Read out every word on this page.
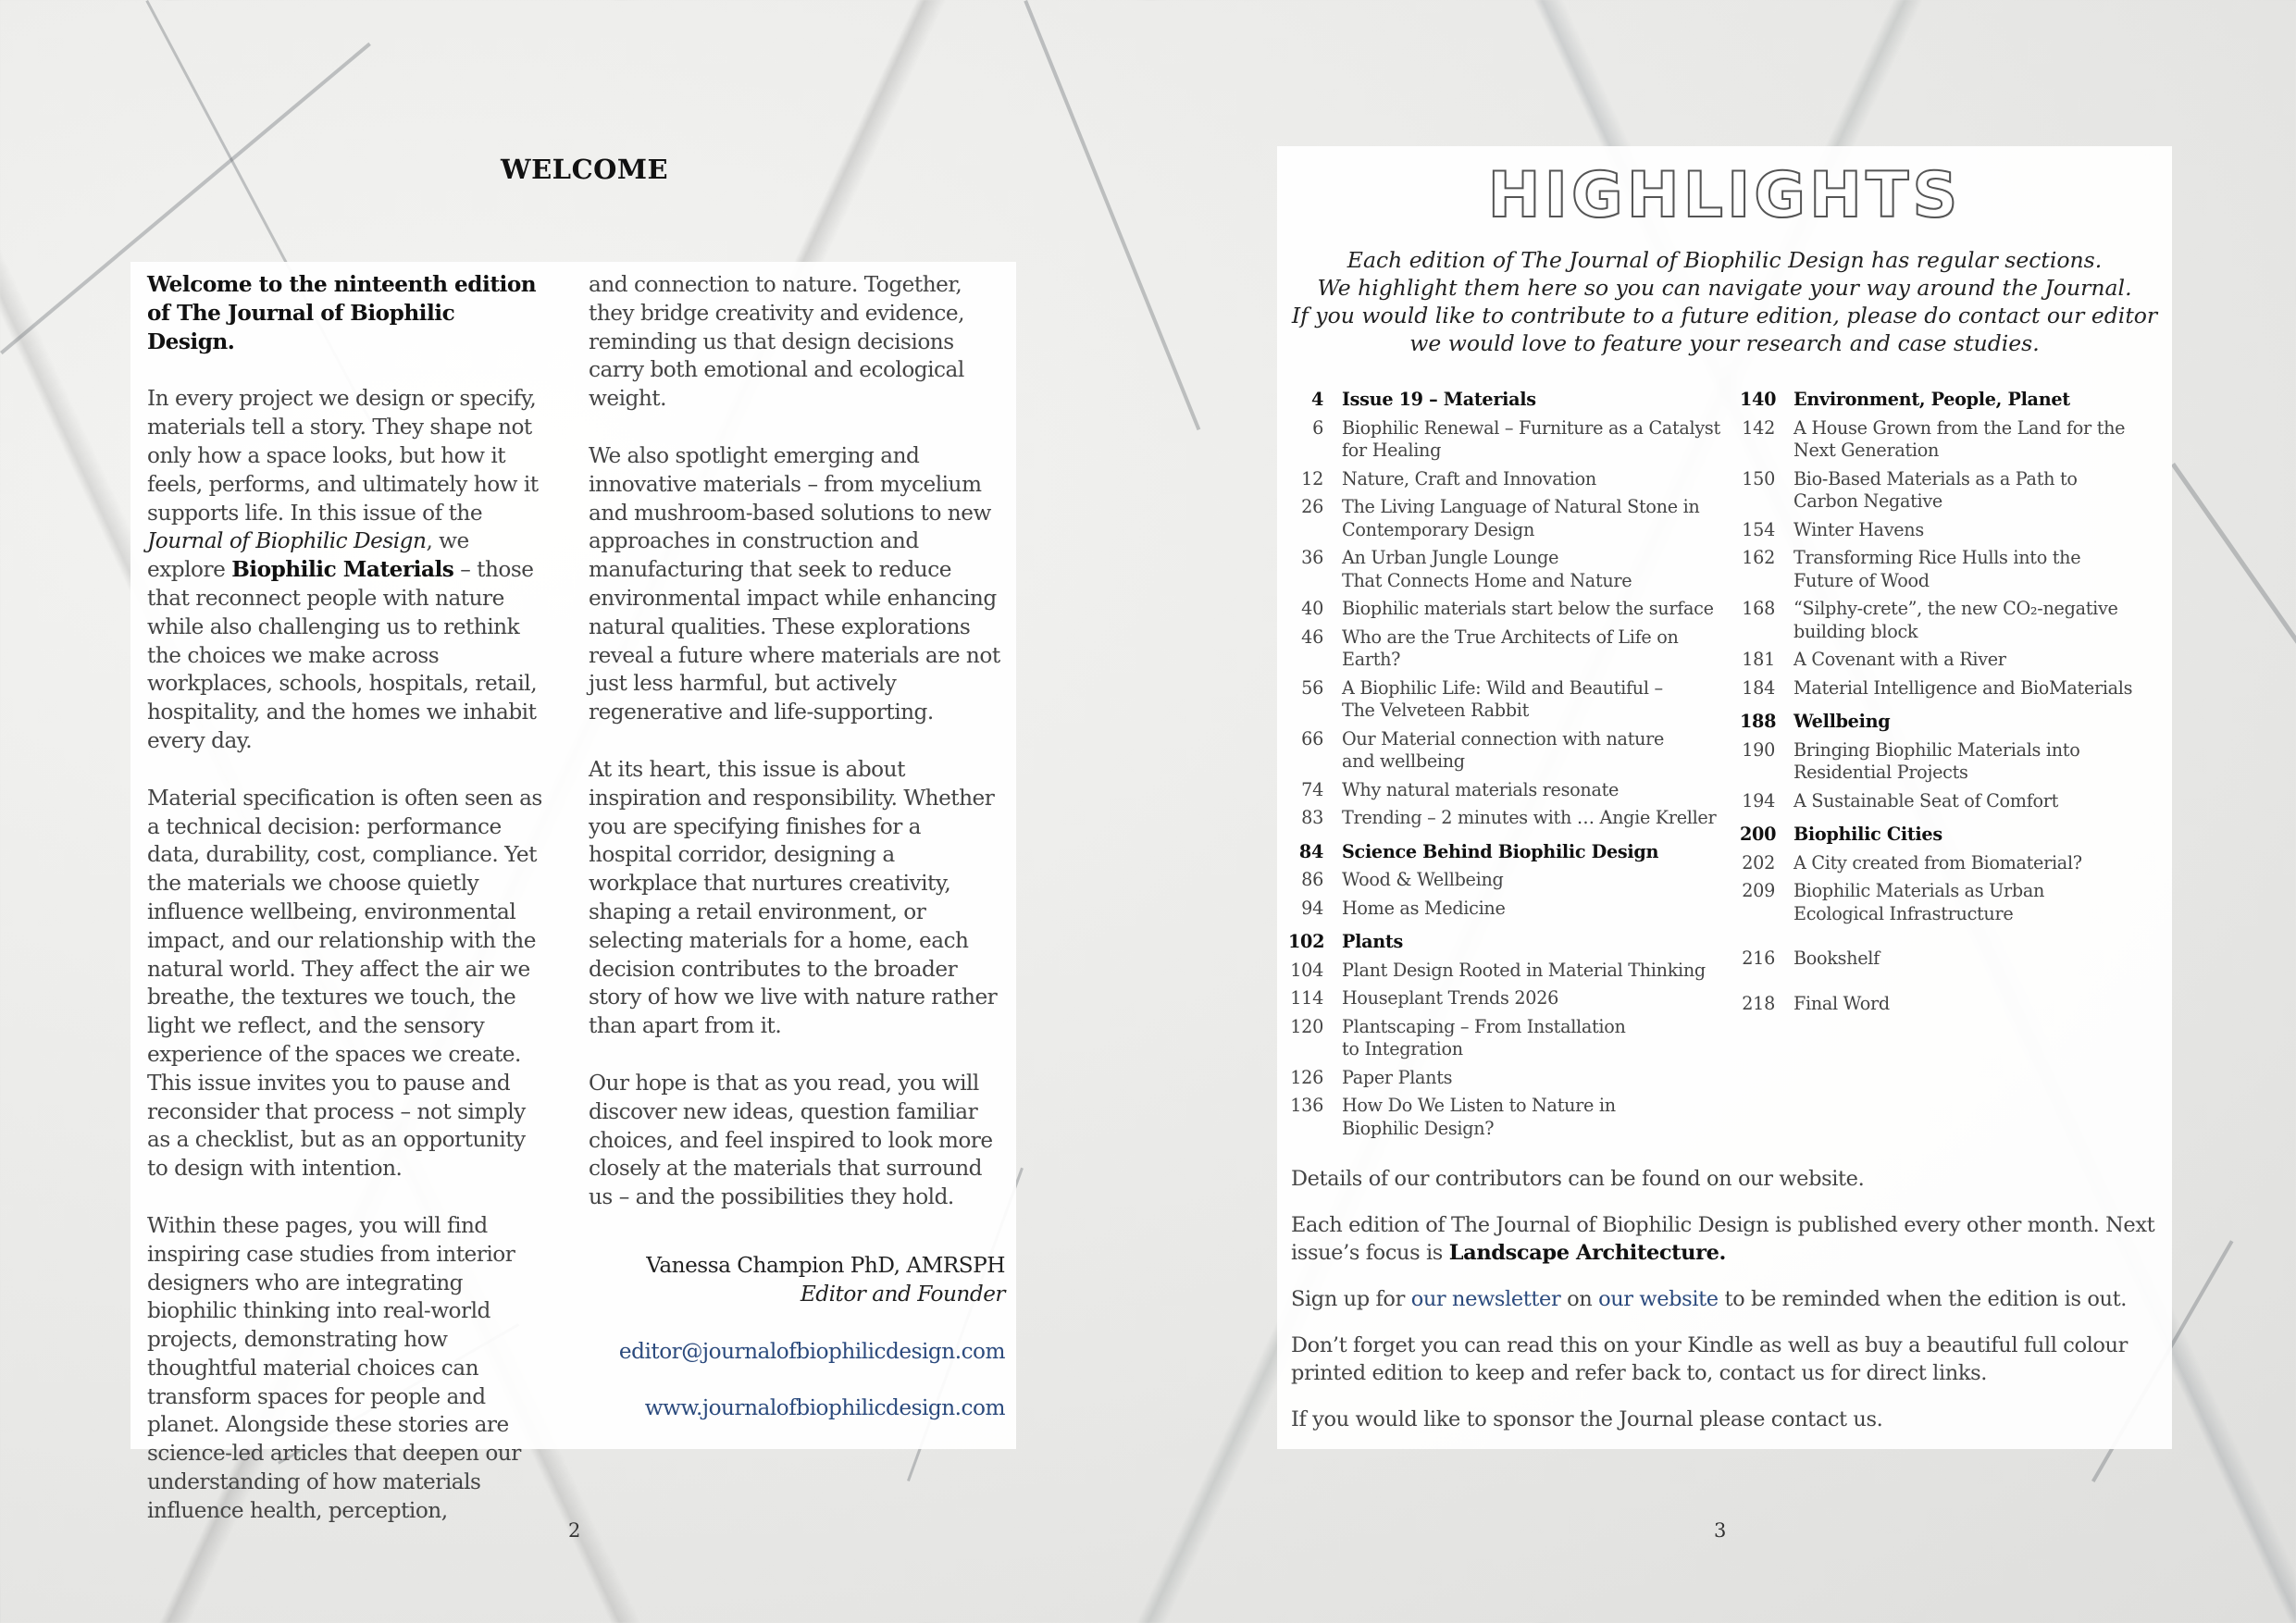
WELCOME

Welcome to the ninteenth edition of The Journal of Biophilic Design.

In every project we design or specify, materials tell a story. They shape not only how a space looks, but how it feels, performs, and ultimately how it supports life. In this issue of the Journal of Biophilic Design, we explore Biophilic Materials – those that reconnect people with nature while also challenging us to rethink the choices we make across workplaces, schools, hospitals, retail, hospitality, and the homes we inhabit every day.

Material specification is often seen as a technical decision: performance data, durability, cost, compliance. Yet the materials we choose quietly influence wellbeing, environmental impact, and our relationship with the natural world. They affect the air we breathe, the textures we touch, the light we reflect, and the sensory experience of the spaces we create. This issue invites you to pause and reconsider that process – not simply as a checklist, but as an opportunity to design with intention.

Within these pages, you will find inspiring case studies from interior designers who are integrating biophilic thinking into real-world projects, demonstrating how thoughtful material choices can transform spaces for people and planet. Alongside these stories are science-led articles that deepen our understanding of how materials influence health, perception,

and connection to nature. Together, they bridge creativity and evidence, reminding us that design decisions carry both emotional and ecological weight.

We also spotlight emerging and innovative materials – from mycelium and mushroom-based solutions to new approaches in construction and manufacturing that seek to reduce environmental impact while enhancing natural qualities. These explorations reveal a future where materials are not just less harmful, but actively regenerative and life-supporting.

At its heart, this issue is about inspiration and responsibility. Whether you are specifying finishes for a hospital corridor, designing a workplace that nurtures creativity, shaping a retail environment, or selecting materials for a home, each decision contributes to the broader story of how we live with nature rather than apart from it.

Our hope is that as you read, you will discover new ideas, question familiar choices, and feel inspired to look more closely at the materials that surround us – and the possibilities they hold.

Vanessa Champion PhD, AMRSPH
Editor and Founder
editor@journalofbiophilicdesign.com
www.journalofbiophilicdesign.com
2
HIGHLIGHTS
Each edition of The Journal of Biophilic Design has regular sections.
We highlight them here so you can navigate your way around the Journal.
If you would like to contribute to a future edition, please do contact our editor
we would love to feature your research and case studies.
4	Issue 19 – Materials
6	Biophilic Renewal – Furniture as a Catalyst
for Healing
12	Nature, Craft and Innovation
26	The Living Language of Natural Stone in
Contemporary Design
36	An Urban Jungle Lounge
That Connects Home and Nature
40	Biophilic materials start below the surface
46	Who are the True Architects of Life on Earth?
56	A Biophilic Life: Wild and Beautiful –
The Velveteen Rabbit
66	Our Material connection with nature
and wellbeing
74	Why natural materials resonate
83	Trending – 2 minutes with … Angie Kreller
84	Science Behind Biophilic Design
86	Wood & Wellbeing
94	Home as Medicine
102 Plants
104	Plant Design Rooted in Material Thinking
114	Houseplant Trends 2026
120	Plantscaping – From Installation
to Integration
126	Paper Plants
136	How Do We Listen to Nature in
Biophilic Design?
140 Environment, People, Planet
142	A House Grown from the Land for the
Next Generation
150	Bio-Based Materials as a Path to
Carbon Negative
154	Winter Havens
162	Transforming Rice Hulls into the
Future of Wood
168	“Silphy-crete”, the new CO₂-negative
building block
181	A Covenant with a River
184	Material Intelligence and BioMaterials
188 Wellbeing
190	Bringing Biophilic Materials into
Residential Projects
194	A Sustainable Seat of Comfort
200 Biophilic Cities
202	A City created from Biomaterial?
209	Biophilic Materials as Urban
Ecological Infrastructure
216	Bookshelf
218	Final Word

Details of our contributors can be found on our website.

Each edition of The Journal of Biophilic Design is published every other month. Next issue’s focus is Landscape Architecture.

Sign up for our newsletter on our website to be reminded when the edition is out.

Don’t forget you can read this on your Kindle as well as buy a beautiful full colour printed edition to keep and refer back to, contact us for direct links.

If you would like to sponsor the Journal please contact us.

3
